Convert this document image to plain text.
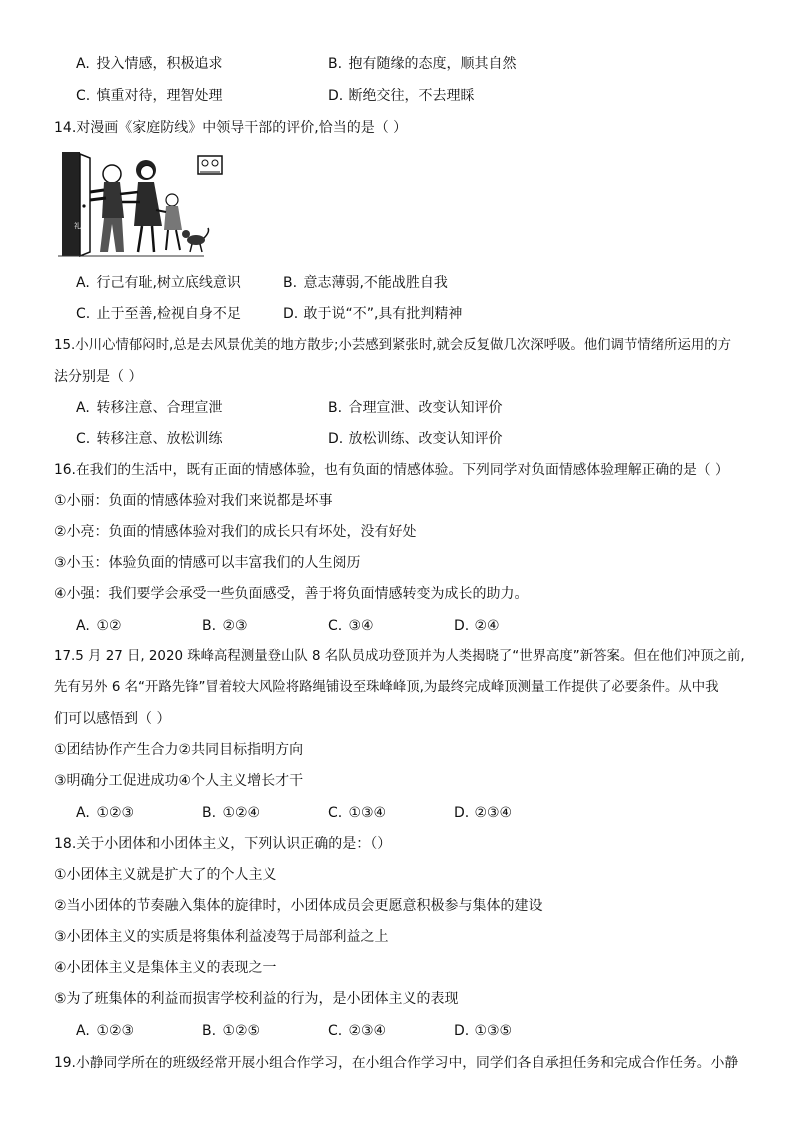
A. 投入情感，积极追求	B. 抱有随缘的态度，顺其自然
C. 慎重对待，理智处理	D. 断绝交往，不去理睬
14.对漫画《家庭防线》中领导干部的评价,恰当的是（ ）
礼
A. 行己有耻,树立底线意识	B. 意志薄弱,不能战胜自我
C. 止于至善,检视自身不足	D. 敢于说“不”,具有批判精神
15.小川心情郁闷时,总是去风景优美的地方散步;小芸感到紧张时,就会反复做几次深呼吸。他们调节情绪所运用的方
法分别是（ ）
A. 转移注意、合理宣泄	B. 合理宣泄、改变认知评价
C. 转移注意、放松训练	D. 放松训练、改变认知评价
16.在我们的生活中，既有正面的情感体验，也有负面的情感体验。下列同学对负面情感体验理解正确的是（ ）
①小丽：负面的情感体验对我们来说都是坏事
②小亮：负面的情感体验对我们的成长只有坏处，没有好处
③小玉：体验负面的情感可以丰富我们的人生阅历
④小强：我们要学会承受一些负面感受，善于将负面情感转变为成长的助力。
A. ①②	B. ②③	C. ③④	D. ②④
17.5 月 27 日, 2020 珠峰高程测量登山队 8 名队员成功登顶并为人类揭晓了“世界高度”新答案。但在他们冲顶之前,
先有另外 6 名“开路先锋”冒着较大风险将路绳铺设至珠峰峰顶,为最终完成峰顶测量工作提供了必要条件。从中我
们可以感悟到（ ）
①团结协作产生合力②共同目标指明方向
③明确分工促进成功④个人主义增长才干
A. ①②③	B. ①②④	C. ①③④	D. ②③④
18.关于小团体和小团体主义，下列认识正确的是：（）
①小团体主义就是扩大了的个人主义
②当小团体的节奏融入集体的旋律时，小团体成员会更愿意积极参与集体的建设
③小团体主义的实质是将集体利益凌驾于局部利益之上
④小团体主义是集体主义的表现之一
⑤为了班集体的利益而损害学校利益的行为，是小团体主义的表现
A. ①②③	B. ①②⑤	C. ②③④	D. ①③⑤
19.小静同学所在的班级经常开展小组合作学习，在小组合作学习中，同学们各自承担任务和完成合作任务。小静
